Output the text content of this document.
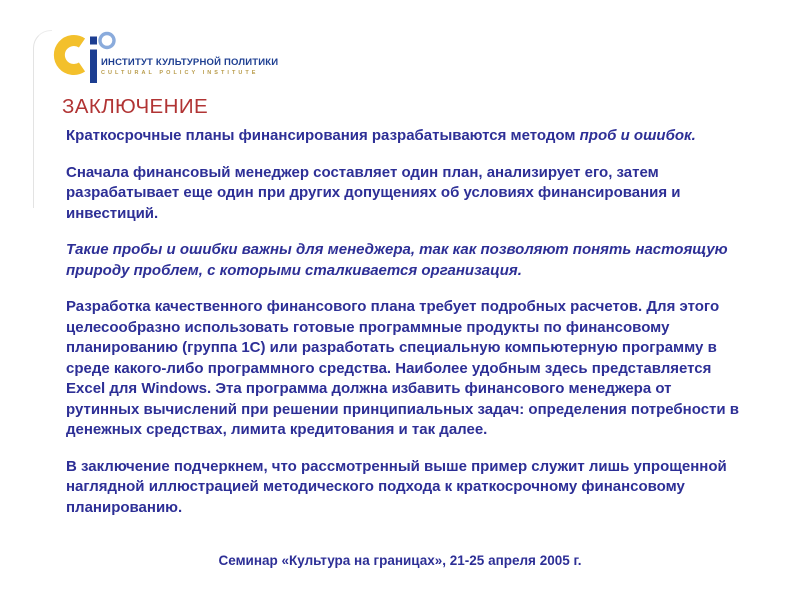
ИНСТИТУТ КУЛЬТУРНОЙ ПОЛИТИКИ
CULTURAL POLICY INSTITUTE
ЗАКЛЮЧЕНИЕ

Краткосрочные планы финансирования разрабатываются методом проб и ошибок.

Сначала финансовый менеджер составляет один план, анализирует его, затем разрабатывает еще один при других допущениях об условиях финансирования и инвестиций.

Такие пробы и ошибки важны для менеджера, так как позволяют понять настоящую природу проблем, с которыми сталкивается организация.

Разработка качественного финансового плана требует подробных расчетов. Для этого целесообразно использовать готовые программные продукты по финансовому планированию (группа 1С) или разработать специальную компьютерную программу в среде какого-либо программного средства. Наиболее удобным здесь представляется Excel для Windows. Эта программа должна избавить финансового менеджера от рутинных вычислений при решении принципиальных задач: определения потребности в денежных средствах, лимита кредитования и так далее.

В заключение подчеркнем, что рассмотренный выше пример служит лишь упрощенной наглядной иллюстрацией методического подхода к краткосрочному финансовому планированию.

Семинар «Культура на границах», 21-25 апреля 2005 г.
